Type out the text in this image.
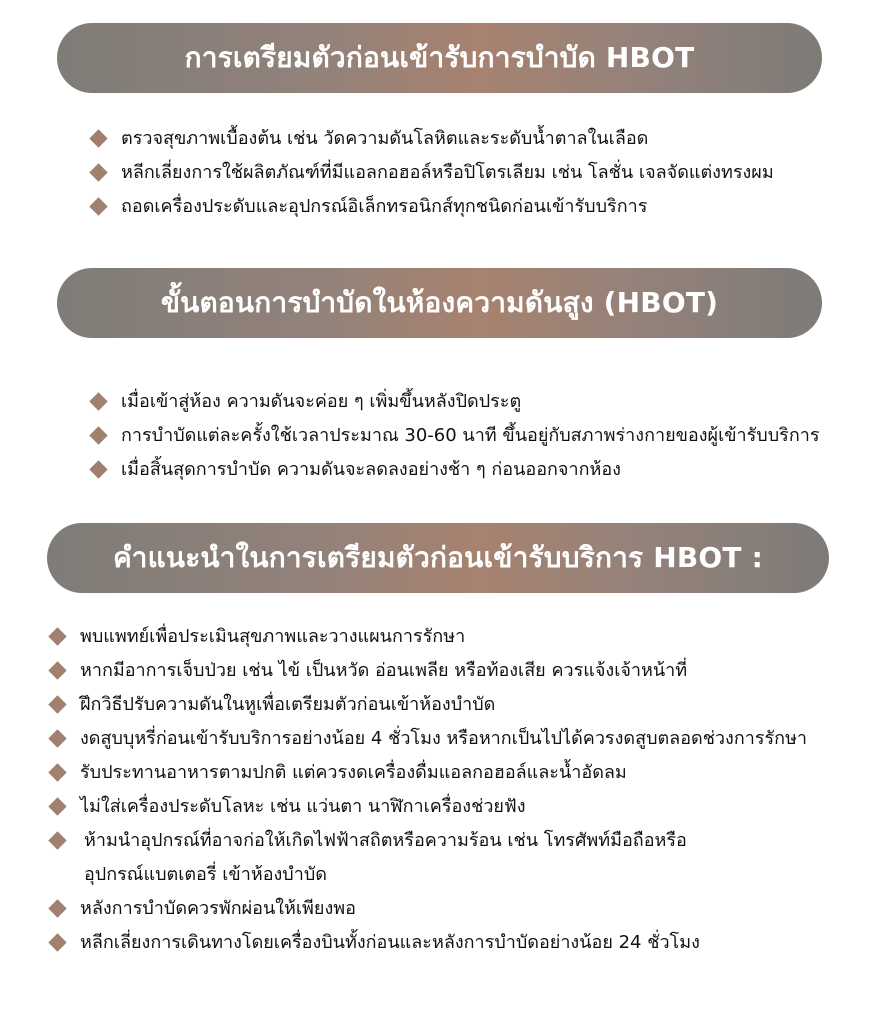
การเตรียมตัวก่อนเข้ารับการบำบัด HBOT
ตรวจสุขภาพเบื้องต้น เช่น วัดความดันโลหิตและระดับน้ำตาลในเลือด
หลีกเลี่ยงการใช้ผลิตภัณฑ์ที่มีแอลกอฮอล์หรือปิโตรเลียม เช่น โลชั่น เจลจัดแต่งทรงผม
ถอดเครื่องประดับและอุปกรณ์อิเล็กทรอนิกส์ทุกชนิดก่อนเข้ารับบริการ
ขั้นตอนการบำบัดในห้องความดันสูง (HBOT)
เมื่อเข้าสู่ห้อง ความดันจะค่อย ๆ เพิ่มขึ้นหลังปิดประตู
การบำบัดแต่ละครั้งใช้เวลาประมาณ 30-60 นาที ขึ้นอยู่กับสภาพร่างกายของผู้เข้ารับบริการ
เมื่อสิ้นสุดการบำบัด ความดันจะลดลงอย่างช้า ๆ ก่อนออกจากห้อง
คำแนะนำในการเตรียมตัวก่อนเข้ารับบริการ HBOT :
พบแพทย์เพื่อประเมินสุขภาพและวางแผนการรักษา
หากมีอาการเจ็บป่วย เช่น ไข้ เป็นหวัด อ่อนเพลีย หรือท้องเสีย ควรแจ้งเจ้าหน้าที่
ฝึกวิธีปรับความดันในหูเพื่อเตรียมตัวก่อนเข้าห้องบำบัด
งดสูบบุหรี่ก่อนเข้ารับบริการอย่างน้อย 4 ชั่วโมง หรือหากเป็นไปได้ควรงดสูบตลอดช่วงการรักษา
รับประทานอาหารตามปกติ แต่ควรงดเครื่องดื่มแอลกอฮอล์และน้ำอัดลม
ไม่ใส่เครื่องประดับโลหะ เช่น แว่นตา นาฬิกาเครื่องช่วยฟัง
ห้ามนำอุปกรณ์ที่อาจก่อให้เกิดไฟฟ้าสถิตหรือความร้อน เช่น โทรศัพท์มือถือหรือ
อุปกรณ์แบตเตอรี่ เข้าห้องบำบัด
หลังการบำบัดควรพักผ่อนให้เพียงพอ
หลีกเลี่ยงการเดินทางโดยเครื่องบินทั้งก่อนและหลังการบำบัดอย่างน้อย 24 ชั่วโมง
